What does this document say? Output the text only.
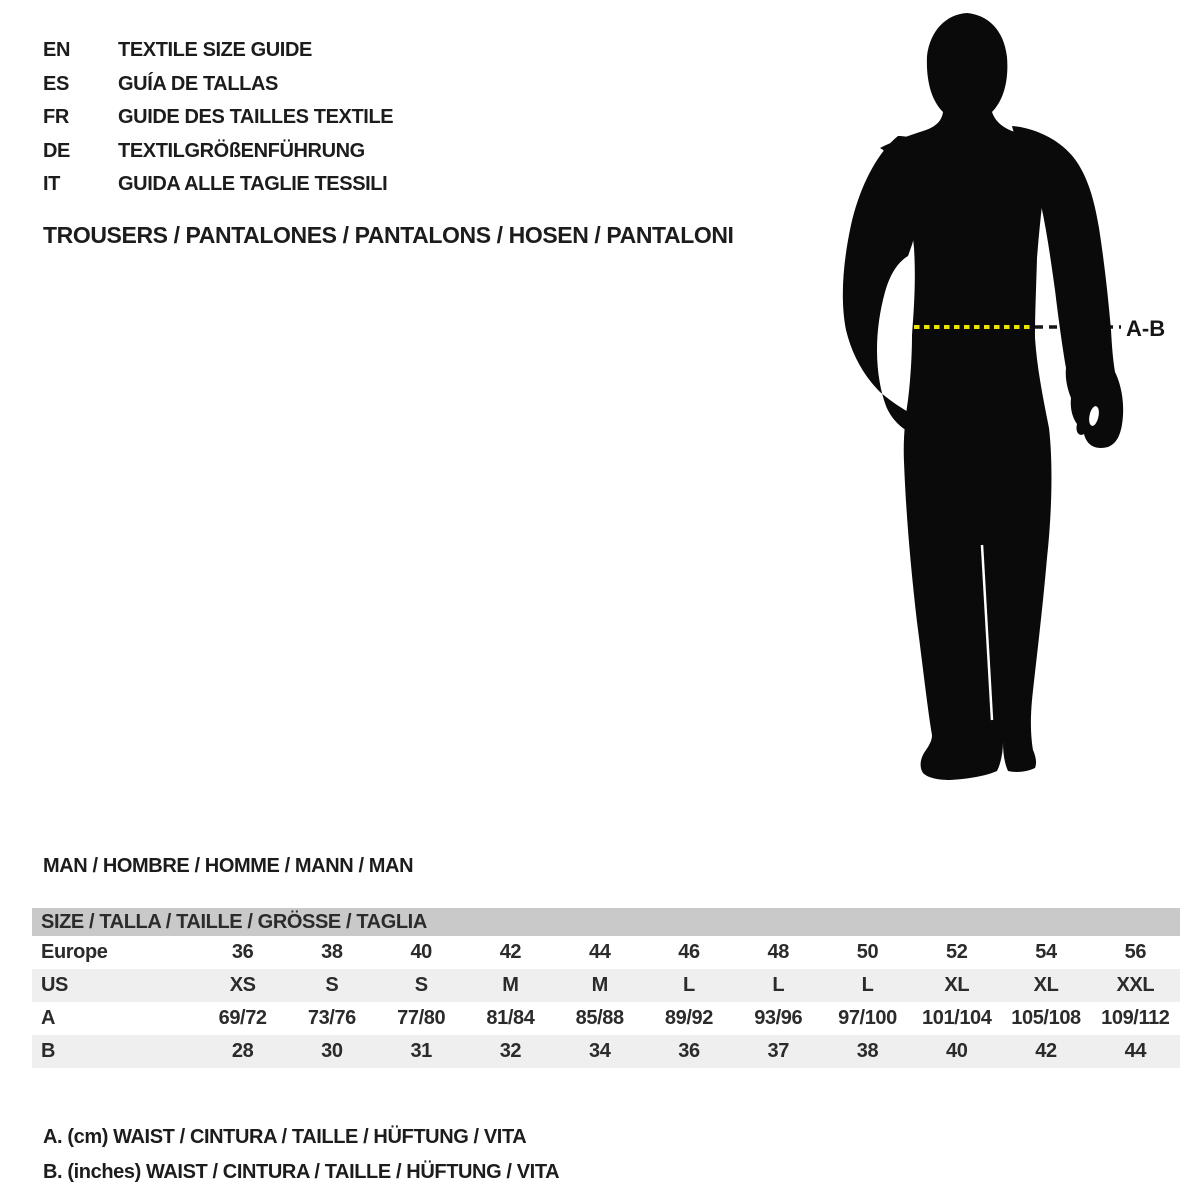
EN	TEXTILE SIZE GUIDE
ES	GUÍA DE TALLAS
FR	GUIDE DES TAILLES TEXTILE
DE	TEXTILGRÖßENFÜHRUNG
IT	GUIDA ALLE TAGLIE TESSILI
TROUSERS / PANTALONES / PANTALONS / HOSEN / PANTALONI
A-B
MAN / HOMBRE / HOMME / MANN / MAN
SIZE / TALLA / TAILLE / GRÖSSE / TAGLIA
Europe	36	38	40	42	44	46	48	50	52	54	56
US	XS	S	S	M	M	L	L	L	XL	XL	XXL
A	69/72	73/76	77/80	81/84	85/88	89/92	93/96	97/100	101/104	105/108	109/112
B	28	30	31	32	34	36	37	38	40	42	44
A. (cm) WAIST / CINTURA / TAILLE / HÜFTUNG / VITA
B. (inches) WAIST / CINTURA / TAILLE / HÜFTUNG / VITA
